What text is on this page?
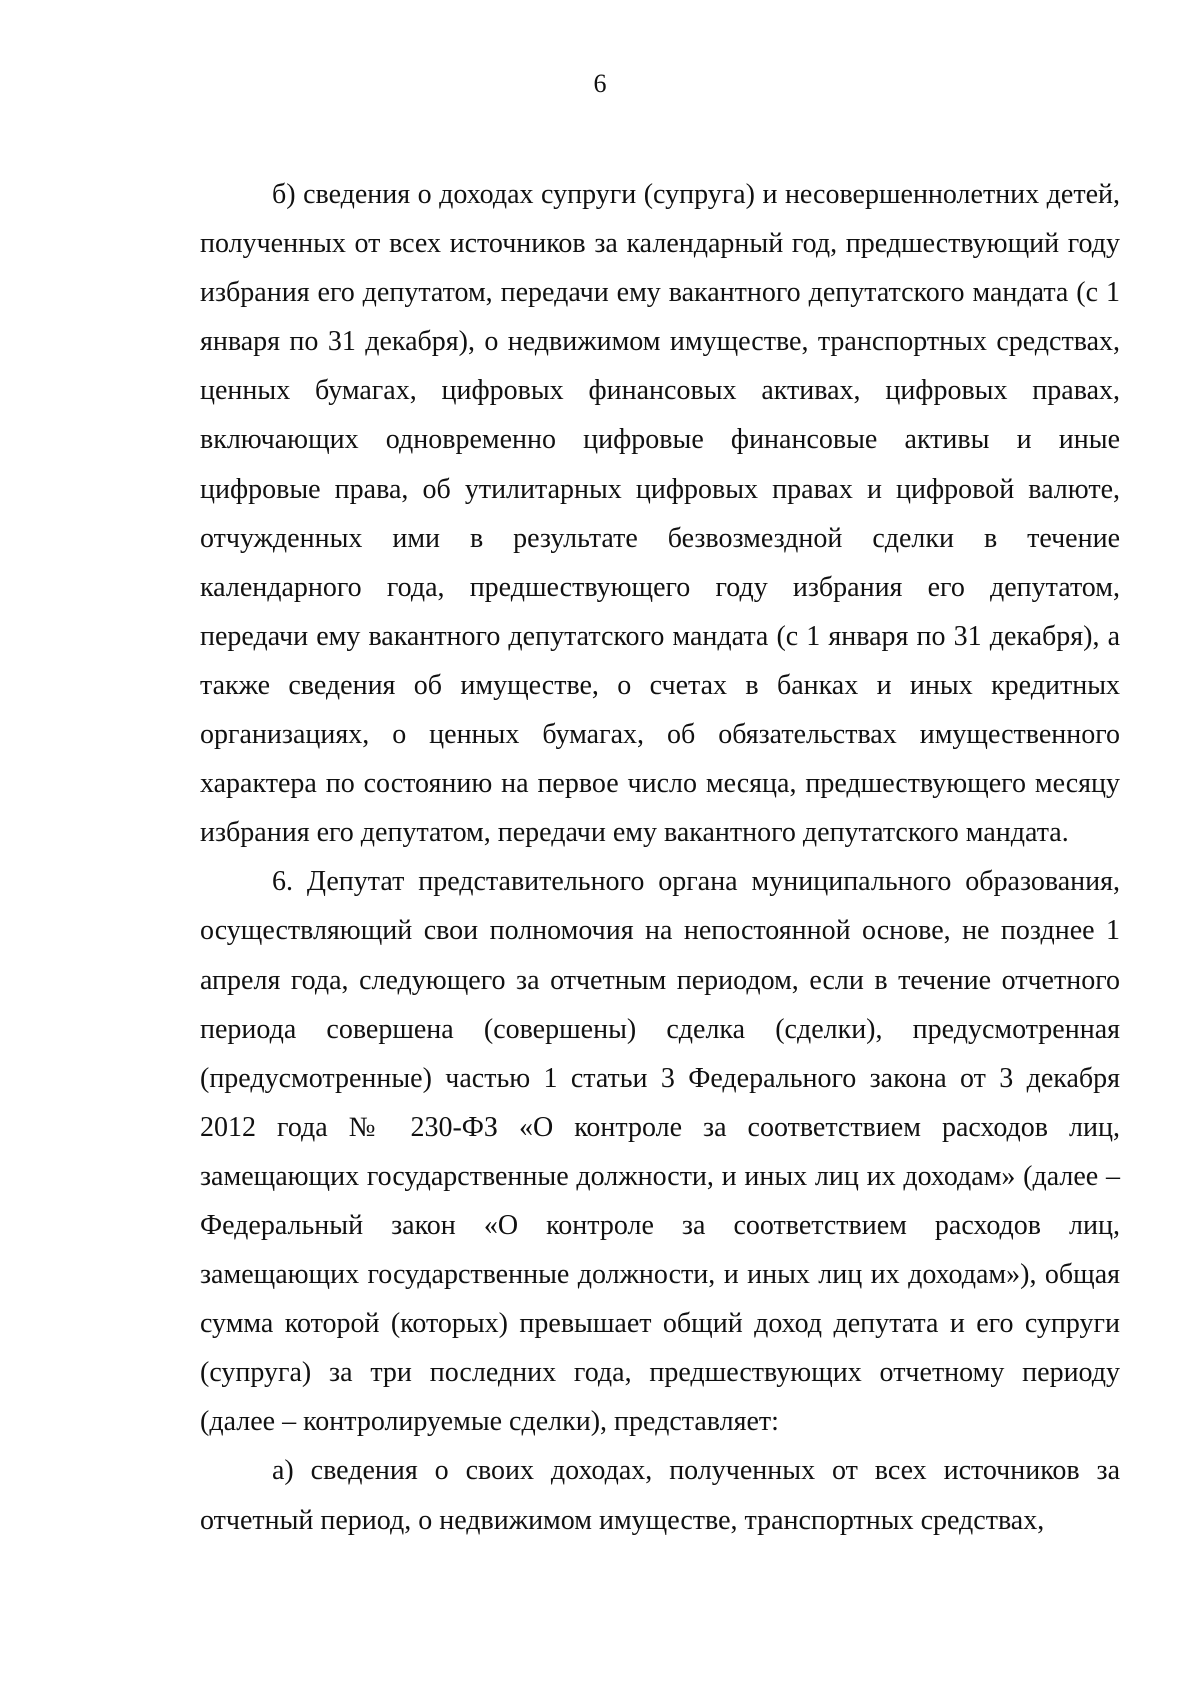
6

б) сведения о доходах супруги (супруга) и несовершеннолетних детей, полученных от всех источников за календарный год, предшествующий году избрания его депутатом, передачи ему вакантного депутатского мандата (с 1 января по 31 декабря), о недвижимом имуществе, транспортных средствах, ценных бумагах, цифровых финансовых активах, цифровых правах, включающих одновременно цифровые финансовые активы и иные цифровые права, об утилитарных цифровых правах и цифровой валюте, отчужденных ими в результате безвозмездной сделки в течение календарного года, предшествующего году избрания его депутатом, передачи ему вакантного депутатского мандата (с 1 января по 31 декабря), а также сведения об имуществе, о счетах в банках и иных кредитных организациях, о ценных бумагах, об обязательствах имущественного характера по состоянию на первое число месяца, предшествующего месяцу избрания его депутатом, передачи ему вакантного депутатского мандата.

6. Депутат представительного органа муниципального образования, осуществляющий свои полномочия на непостоянной основе, не позднее 1 апреля года, следующего за отчетным периодом, если в течение отчетного периода совершена (совершены) сделка (сделки), предусмотренная (предусмотренные) частью 1 статьи 3 Федерального закона от 3 декабря 2012 года № 230-ФЗ «О контроле за соответствием расходов лиц, замещающих государственные должности, и иных лиц их доходам» (далее – Федеральный закон «О контроле за соответствием расходов лиц, замещающих государственные должности, и иных лиц их доходам»), общая сумма которой (которых) превышает общий доход депутата и его супруги (супруга) за три последних года, предшествующих отчетному периоду (далее – контролируемые сделки), представляет:

а) сведения о своих доходах, полученных от всех источников за отчетный период, о недвижимом имуществе, транспортных средствах,
